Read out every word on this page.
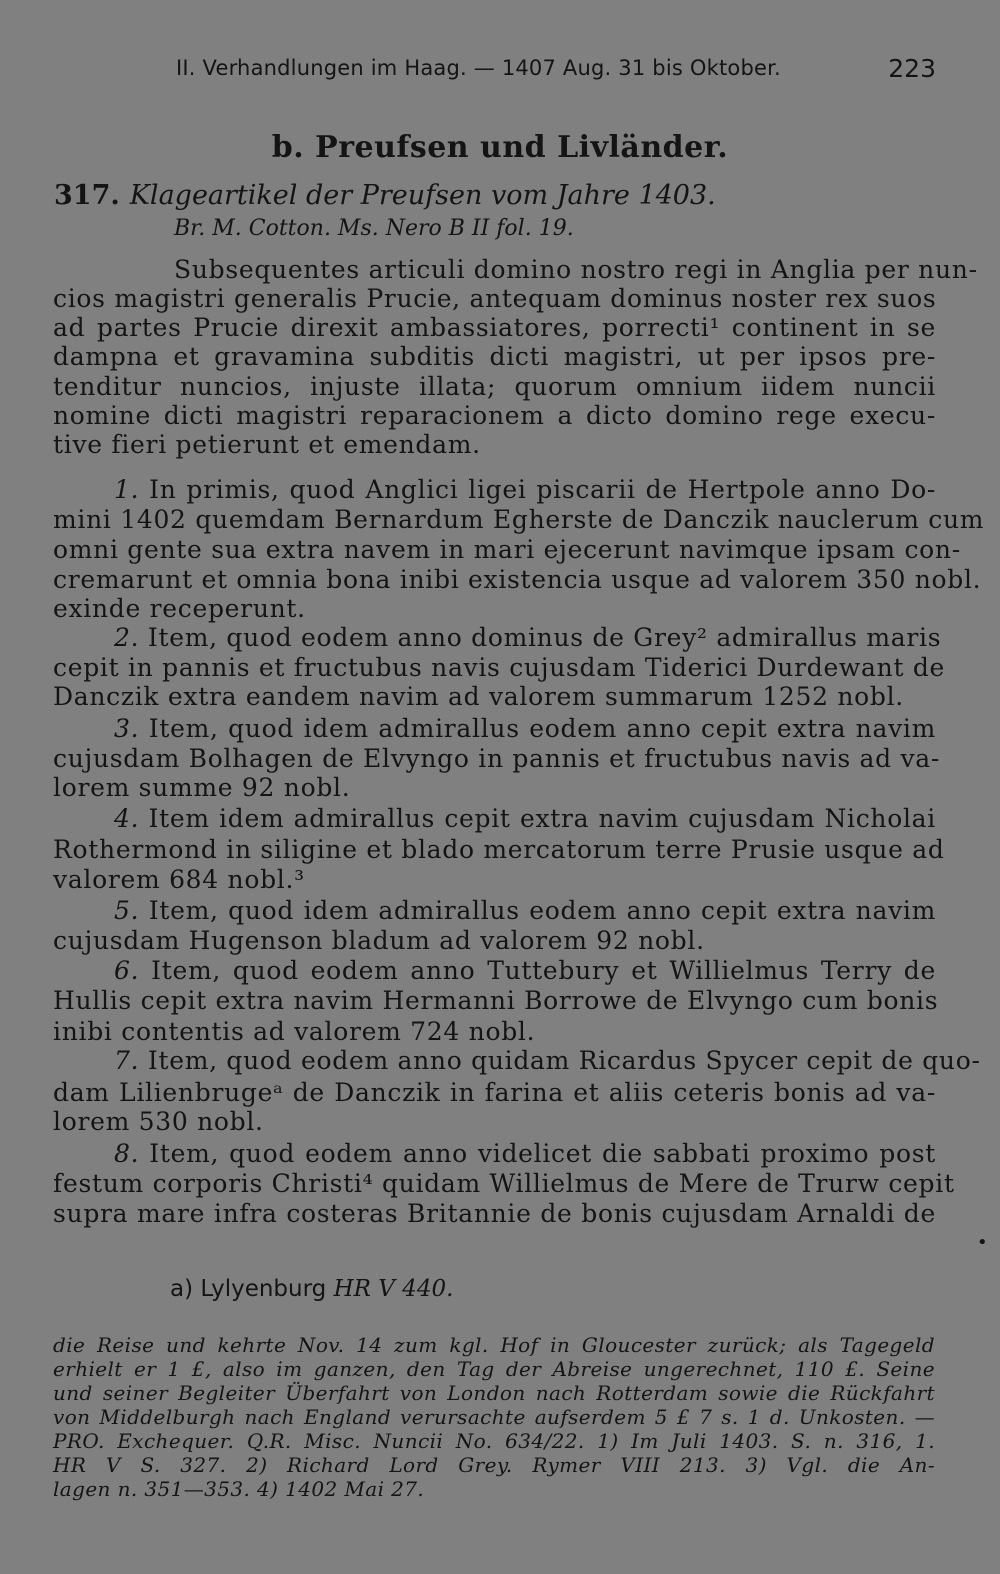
II. Verhandlungen im Haag. — 1407 Aug. 31 bis Oktober.	223
b. Preufsen und Livländer.
317. Klageartikel der Preufsen vom Jahre 1403.
Br. M. Cotton. Ms. Nero B II fol. 19.
Subsequentes articuli domino nostro regi in Anglia per nun-
cios magistri generalis Prucie, antequam dominus noster rex suos
ad partes Prucie direxit ambassiatores, porrecti¹ continent in se
dampna et gravamina subditis dicti magistri, ut per ipsos pre-
tenditur nuncios, injuste illata; quorum omnium iidem nuncii
nomine dicti magistri reparacionem a dicto domino rege execu-
tive fieri petierunt et emendam.
1. In primis, quod Anglici ligei piscarii de Hertpole anno Do-
mini 1402 quemdam Bernardum Egherste de Danczik nauclerum cum
omni gente sua extra navem in mari ejecerunt navimque ipsam con-
cremarunt et omnia bona inibi existencia usque ad valorem 350 nobl.
exinde receperunt.
2. Item, quod eodem anno dominus de Grey² admirallus maris
cepit in pannis et fructubus navis cujusdam Tiderici Durdewant de
Danczik extra eandem navim ad valorem summarum 1252 nobl.
3. Item, quod idem admirallus eodem anno cepit extra navim
cujusdam Bolhagen de Elvyngo in pannis et fructubus navis ad va-
lorem summe 92 nobl.
4. Item idem admirallus cepit extra navim cujusdam Nicholai
Rothermond in siligine et blado mercatorum terre Prusie usque ad
valorem 684 nobl.³
5. Item, quod idem admirallus eodem anno cepit extra navim
cujusdam Hugenson bladum ad valorem 92 nobl.
6. Item, quod eodem anno Tuttebury et Willielmus Terry de
Hullis cepit extra navim Hermanni Borrowe de Elvyngo cum bonis
inibi contentis ad valorem 724 nobl.
7. Item, quod eodem anno quidam Ricardus Spycer cepit de quo-
dam Lilienbrugeᵃ de Danczik in farina et aliis ceteris bonis ad va-
lorem 530 nobl.
8. Item, quod eodem anno videlicet die sabbati proximo post
festum corporis Christi⁴ quidam Willielmus de Mere de Trurw cepit
supra mare infra costeras Britannie de bonis cujusdam Arnaldi de
a) Lylyenburg HR V 440.
die Reise und kehrte Nov. 14 zum kgl. Hof in Gloucester zurück; als Tagegeld
erhielt er 1 £, also im ganzen, den Tag der Abreise ungerechnet, 110 £. Seine
und seiner Begleiter Überfahrt von London nach Rotterdam sowie die Rückfahrt
von Middelburgh nach England verursachte aufserdem 5 £ 7 s. 1 d. Unkosten. —
PRO. Exchequer. Q.R. Misc. Nuncii No. 634/22. 1) Im Juli 1403. S. n. 316, 1.
HR V S. 327. 2) Richard Lord Grey. Rymer VIII 213. 3) Vgl. die An-
lagen n. 351—353. 4) 1402 Mai 27.
•
